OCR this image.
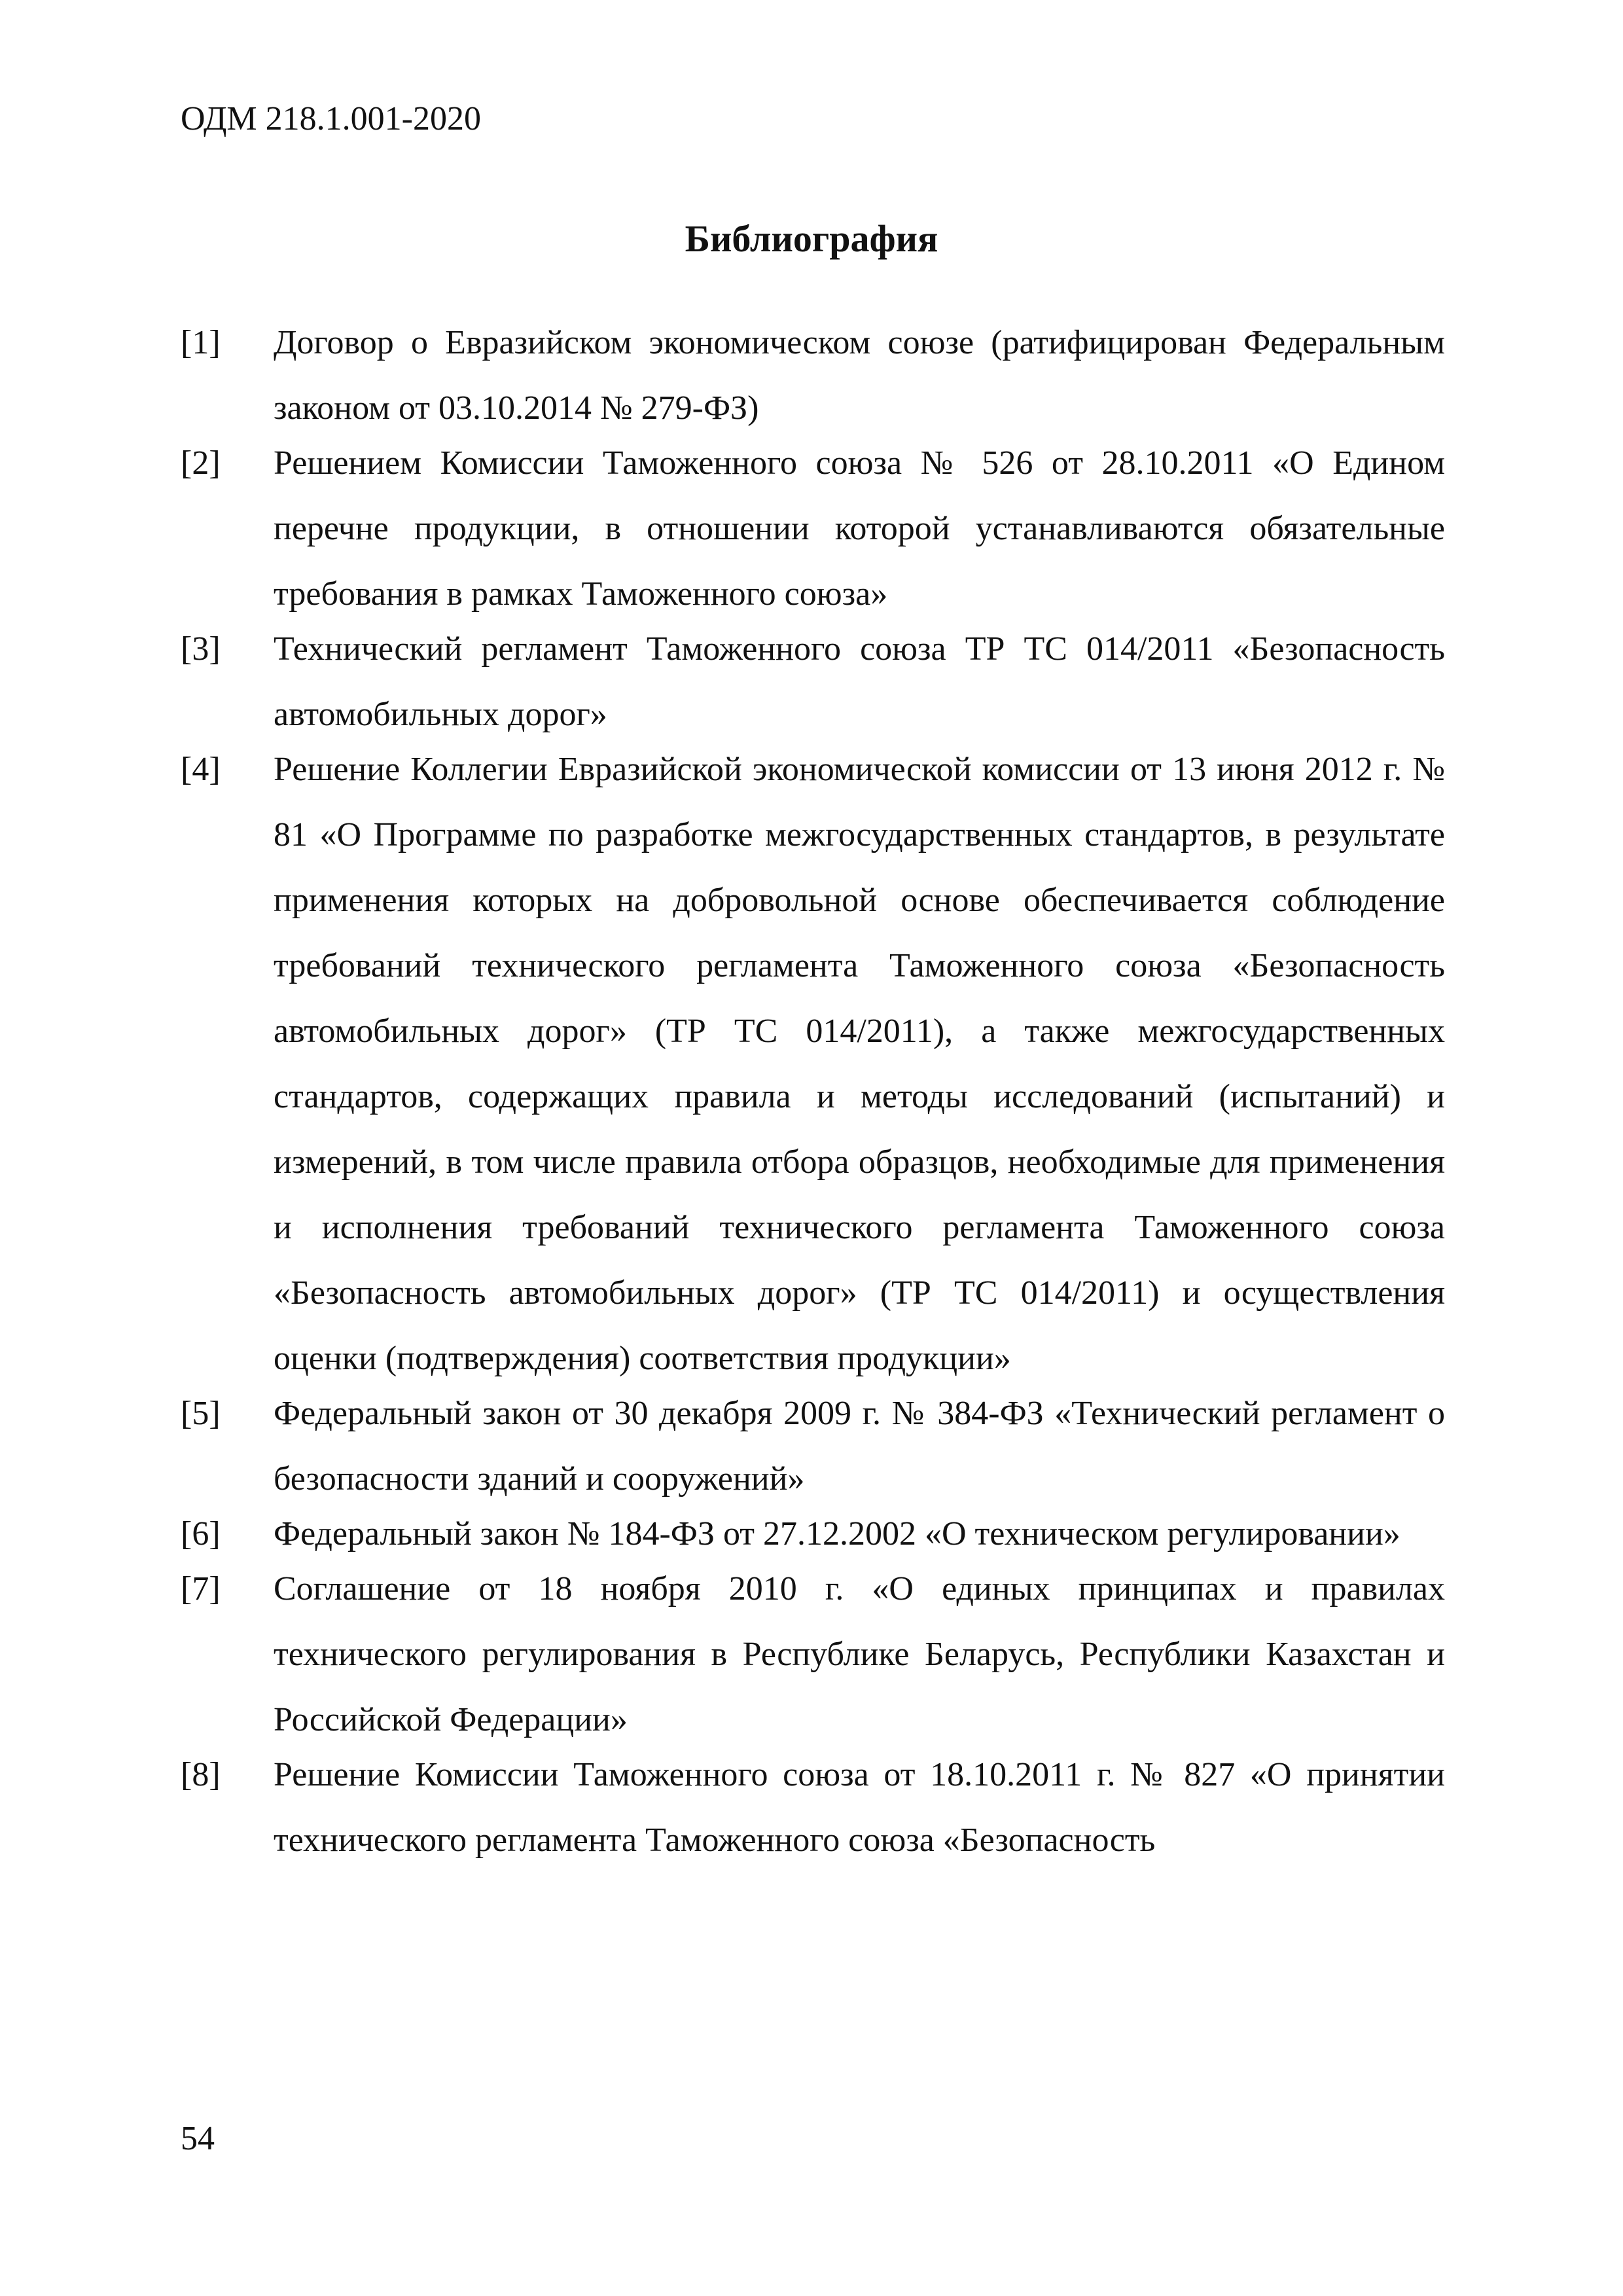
ОДМ 218.1.001-2020
Библиография
[1]	Договор о Евразийском экономическом союзе (ратифицирован Федеральным законом от 03.10.2014 № 279-ФЗ)
[2]	Решением Комиссии Таможенного союза № 526 от 28.10.2011 «О Едином перечне продукции, в отношении которой устанавливаются обязательные требования в рамках Таможенного союза»
[3]	Технический регламент Таможенного союза ТР ТС 014/2011 «Безопасность автомобильных дорог»
[4]	Решение Коллегии Евразийской экономической комиссии от 13 июня 2012 г. № 81 «О Программе по разработке межгосударственных стандартов, в результате применения которых на добровольной основе обеспечивается соблюдение требований технического регламента Таможенного союза «Безопасность автомобильных дорог» (ТР ТС 014/2011), а также межгосударственных стандартов, содержащих правила и методы исследований (испытаний) и измерений, в том числе правила отбора образцов, необходимые для применения и исполнения требований технического регламента Таможенного союза «Безопасность автомобильных дорог» (ТР ТС 014/2011) и осуществления оценки (подтверждения) соответствия продукции»
[5]	Федеральный закон от 30 декабря 2009 г. № 384-ФЗ «Технический регламент о безопасности зданий и сооружений»
[6]	Федеральный закон № 184-ФЗ от 27.12.2002 «О техническом регулировании»
[7]	Соглашение от 18 ноября 2010 г. «О единых принципах и правилах технического регулирования в Республике Беларусь, Республики Казахстан и Российской Федерации»
[8]	Решение Комиссии Таможенного союза от 18.10.2011 г. № 827 «О принятии технического регламента Таможенного союза «Безопасность
54
